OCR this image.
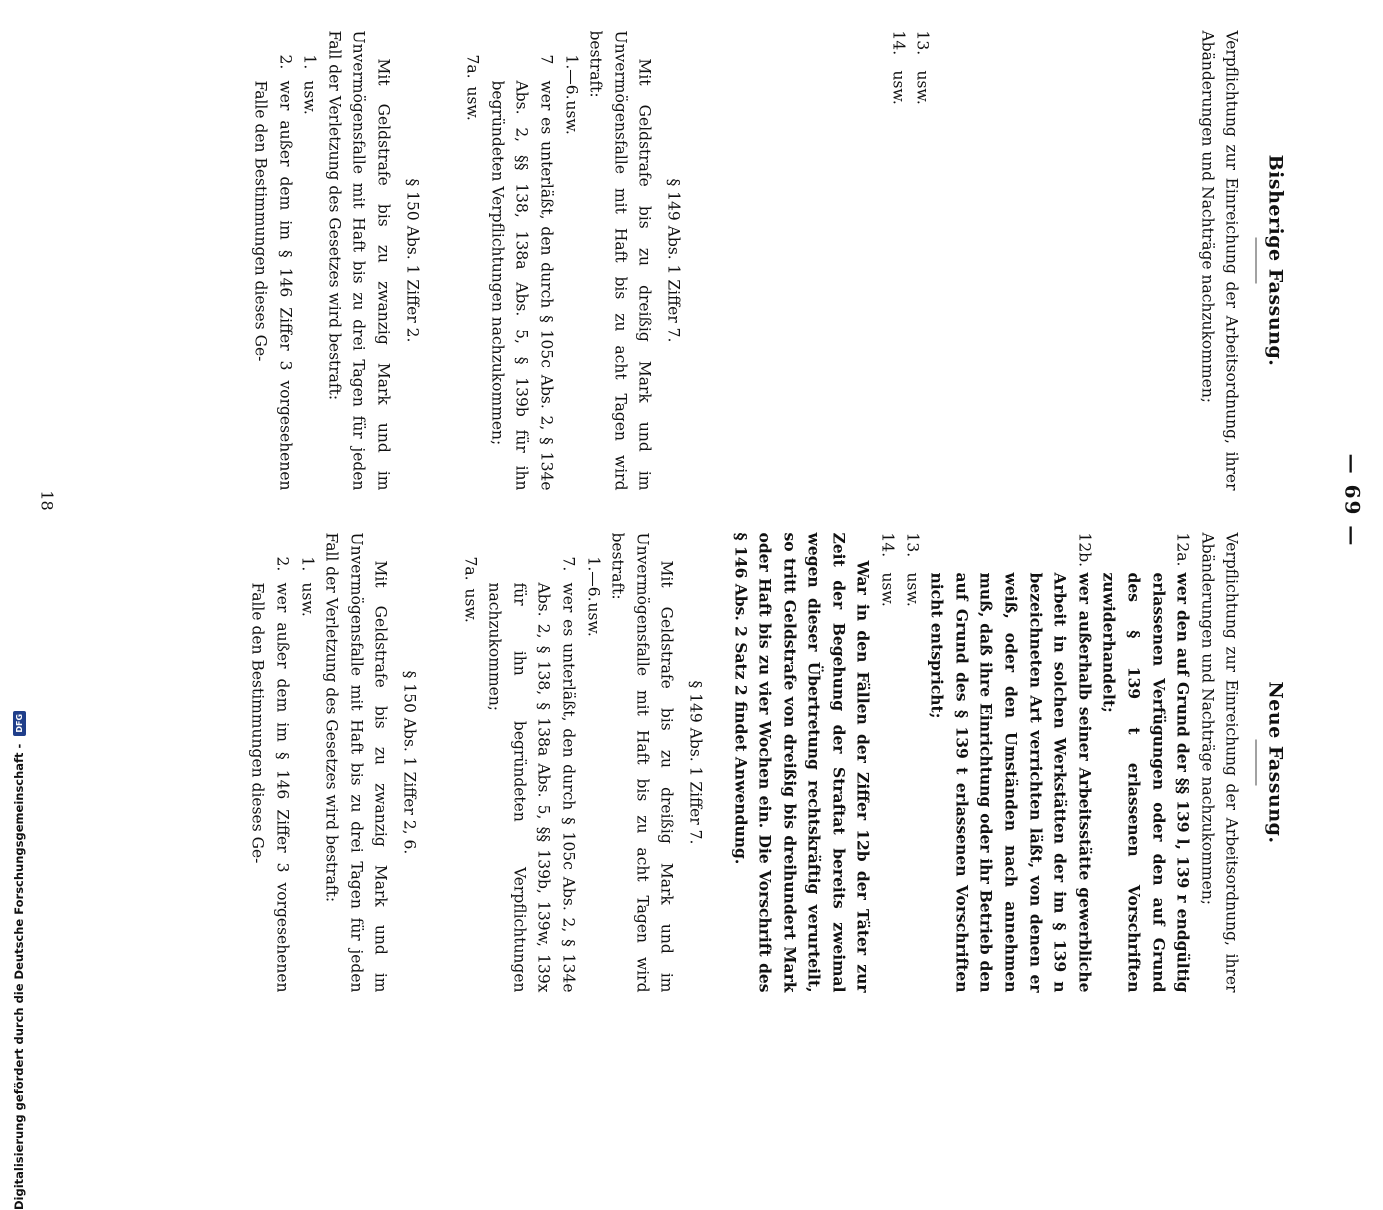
— 69 —
Bisherige Fassung.

Verpflichtung zur Einreichung der Arbeitsordnung, ihrer Abänderungen und Nachträge nachzukommen;

13.
usw.
14.
usw.
§ 149 Abs. 1 Ziffer 7.

Mit Geldstrafe bis zu dreißig Mark und im Unvermögensfalle mit Haft bis zu acht Tagen wird bestraft:

1.—6.
usw.
7
wer es unterläßt, den durch § 105c Abs. 2, § 134e Abs. 2, §§ 138, 138a Abs. 5, § 139b für ihn begründeten Verpflichtungen nachzukommen;
7a.
usw.
§ 150 Abs. 1 Ziffer 2.

Mit Geldstrafe bis zu zwanzig Mark und im Unvermögensfalle mit Haft bis zu drei Tagen für jeden Fall der Verletzung des Gesetzes wird bestraft:

1.
usw.
2.
wer außer dem im § 146 Ziffer 3 vorgesehenen Falle den Bestimmungen dieses Ge-
Neue Fassung.

Verpflichtung zur Einreichung der Arbeitsordnung, ihrer Abänderungen und Nachträge nachzukommen;

12a.
wer den auf Grund der §§ 139 l, 139 r endgültig erlassenen Verfügungen oder den auf Grund des § 139 t erlassenen Vorschriften zuwiderhandelt;
12b.
wer außerhalb seiner Arbeitsstätte gewerbliche Arbeit in solchen Werkstätten der im § 139 n bezeichneten Art verrichten läßt, von denen er weiß, oder den Umständen nach annehmen muß, daß ihre Einrichtung oder ihr Betrieb den auf Grund des § 139 t erlassenen Vorschriften nicht entspricht;
13.
usw.
14.
usw.

War in den Fällen der Ziffer 12b der Täter zur Zeit der Begehung der Straftat bereits zweimal wegen dieser Übertretung rechtskräftig verurteilt, so tritt Geldstrafe von dreißig bis dreihundert Mark oder Haft bis zu vier Wochen ein. Die Vorschrift des § 146 Abs. 2 Satz 2 findet Anwendung.

§ 149 Abs. 1 Ziffer 7.

Mit Geldstrafe bis zu dreißig Mark und im Unvermögensfalle mit Haft bis zu acht Tagen wird bestraft:

1.—6.
usw.
7.
wer es unterläßt, den durch § 105c Abs. 2, § 134e Abs. 2, § 138, § 138a Abs. 5, §§ 139b, 139w, 139x für ihn begründeten Verpflichtungen nachzukommen;
7a.
usw.
§ 150 Abs. 1 Ziffer 2, 6.

Mit Geldstrafe bis zu zwanzig Mark und im Unvermögensfalle mit Haft bis zu drei Tagen für jeden Fall der Verletzung des Gesetzes wird bestraft:

1.
usw.
2.
wer außer dem im § 146 Ziffer 3 vorgesehenen Falle den Bestimmungen dieses Ge-
18
Digitalisierung gefördert durch die Deutsche Forschungsgemeinschaft - DFG
